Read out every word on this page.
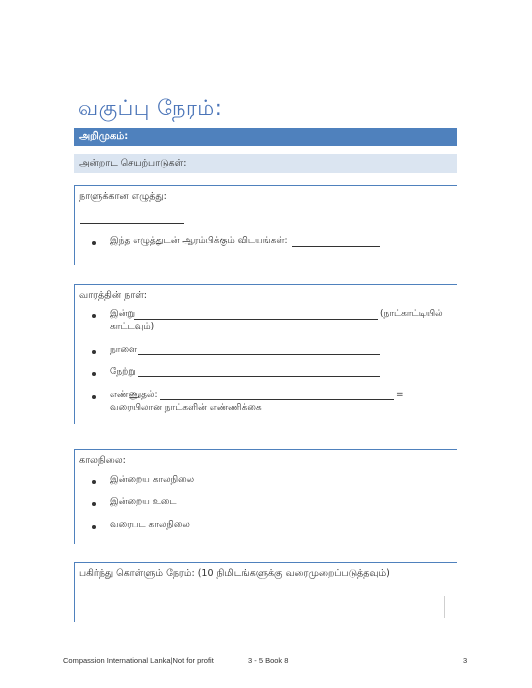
வகுப்பு நேரம்:
அறிமுகம்:
அன்றாட செயற்பாடுகள்:
நாளுக்கான எழுத்து:
இந்த எழுத்துடன் ஆரம்பிக்கும் விடயங்கள்:
வாரத்தின் நாள்:
இன்று	(நாட்காட்டியில்
காட்டவும்)
நாளை
நேற்று
எண்ணுதல்:	=
வரையிலான நாட்களின் எண்ணிக்கை
காலநிலை:
இன்றைய காலநிலை
இன்றைய உடை
வரைபட காலநிலை
பகிர்ந்து கொள்ளும் நேரம்: (10 நிமிடங்களுக்கு வரைமுறைப்படுத்தவும்)
Compassion International Lanka|Not for profit	3 - 5 Book 8	3
